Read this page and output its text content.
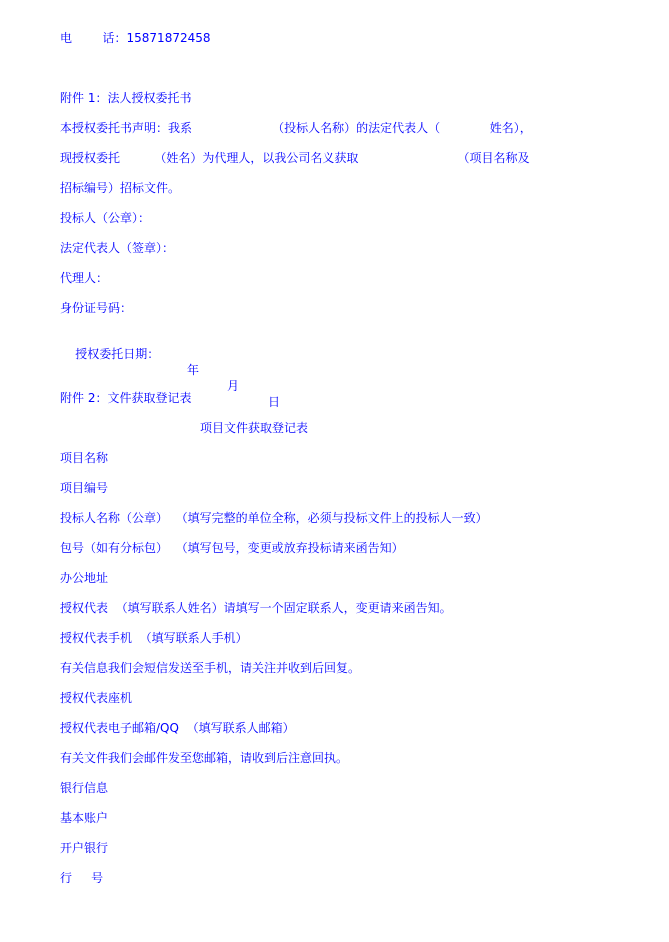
电        话：15871872458
附件 1：法人授权委托书
本授权委托书声明：我系                     （投标人名称）的法定代表人（             姓名），
现授权委托         （姓名）为代理人，以我公司名义获取                          （项目名称及
招标编号）招标文件。
投标人（公章）：
法定代表人（签章）：
代理人：
身份证号码：

授权委托日期：

年

月

日

附件 2：文件获取登记表
项目文件获取登记表
项目名称
项目编号
投标人名称（公章）  （填写完整的单位全称，必须与投标文件上的投标人一致）
包号（如有分标包）  （填写包号，变更或放弃投标请来函告知）
办公地址
授权代表  （填写联系人姓名）请填写一个固定联系人，变更请来函告知。
授权代表手机  （填写联系人手机）
有关信息我们会短信发送至手机，请关注并收到后回复。
授权代表座机
授权代表电子邮箱/QQ  （填写联系人邮箱）
有关文件我们会邮件发至您邮箱，请收到后注意回执。
银行信息
基本账户
开户银行
行     号
